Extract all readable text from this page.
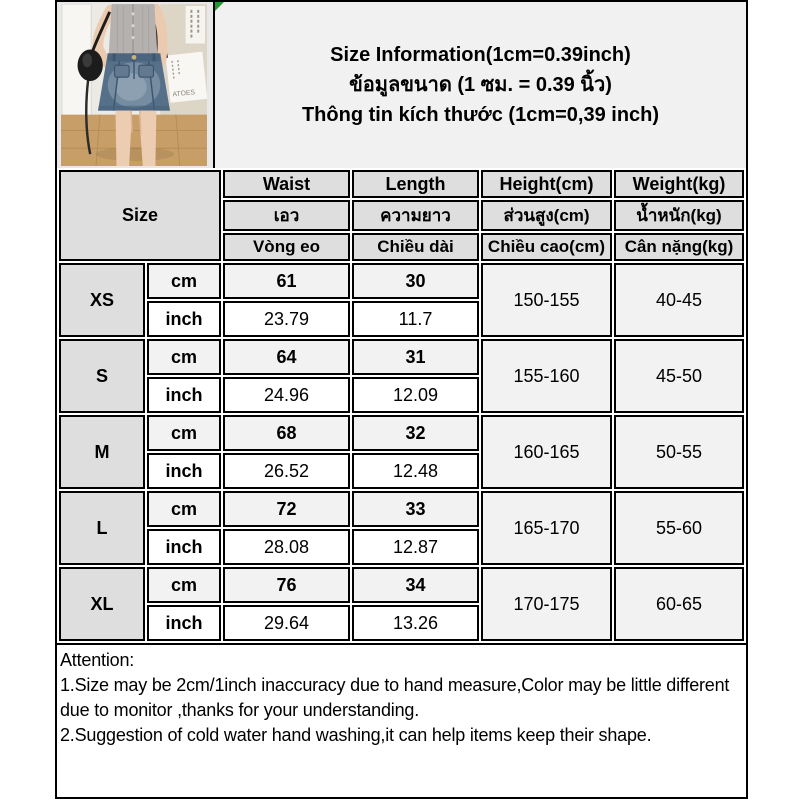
ATOES
Size Information(1cm=0.39inch)
ข้อมูลขนาด (1 ซม. = 0.39 นิ้ว)
Thông tin kích thước (1cm=0,39 inch)
Size		Waist	Length	Height(cm)	Weight(kg)
		เอว	ความยาว	ส่วนสูง(cm)	น้ำหนัก(kg)
		Vòng eo	Chiều dài	Chiều cao(cm)	Cân nặng(kg)
XS	cm	61	30	150-155	40-45
	inch	23.79	11.7		
S	cm	64	31	155-160	45-50
	inch	24.96	12.09		
M	cm	68	32	160-165	50-55
	inch	26.52	12.48		
L	cm	72	33	165-170	55-60
	inch	28.08	12.87		
XL	cm	76	34	170-175	60-65
	inch	29.64	13.26		
Attention:
1.Size may be 2cm/1inch inaccuracy due to hand measure,Color may be little different
due to monitor ,thanks for your understanding.
2.Suggestion of cold water hand washing,it can help items keep their shape.
